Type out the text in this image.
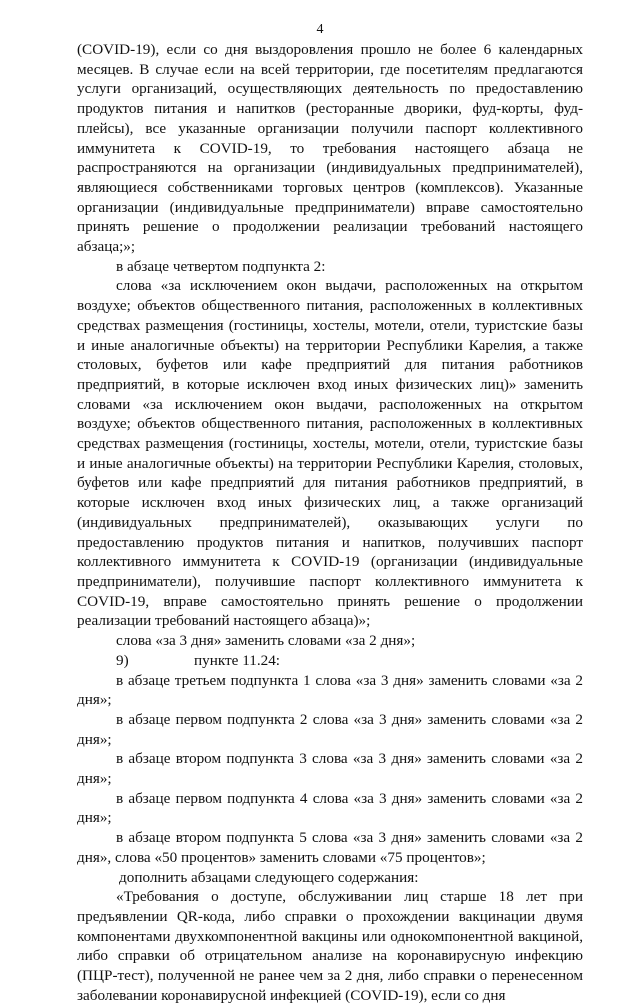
4

(COVID-19), если со дня выздоровления прошло не более 6 календарных месяцев. В случае если на всей территории, где посетителям предлагаются услуги организаций, осуществляющих деятельность по предоставлению продуктов питания и напитков (ресторанные дворики, фуд-корты, фуд-плейсы), все указанные организации получили паспорт коллективного иммунитета к COVID-19, то требования настоящего абзаца не распространяются на организации (индивидуальных предпринимателей), являющиеся собственниками торговых центров (комплексов). Указанные организации (индивидуальные предприниматели) вправе самостоятельно принять решение о продолжении реализации требований настоящего абзаца;»;

в абзаце четвертом подпункта 2:

слова «за исключением окон выдачи, расположенных на открытом воздухе; объектов общественного питания, расположенных в коллективных средствах размещения (гостиницы, хостелы, мотели, отели, туристские базы и иные аналогичные объекты) на территории Республики Карелия, а также столовых, буфетов или кафе предприятий для питания работников предприятий, в которые исключен вход иных физических лиц)» заменить словами «за исключением окон выдачи, расположенных на открытом воздухе; объектов общественного питания, расположенных в коллективных средствах размещения (гостиницы, хостелы, мотели, отели, туристские базы и иные аналогичные объекты) на территории Республики Карелия, столовых, буфетов или кафе предприятий для питания работников предприятий, в которые исключен вход иных физических лиц, а также организаций (индивидуальных предпринимателей), оказывающих услуги по предоставлению продуктов питания и напитков, получивших паспорт коллективного иммунитета к COVID-19 (организации (индивидуальные предприниматели), получившие паспорт коллективного иммунитета к COVID-19, вправе самостоятельно принять решение о продолжении реализации требований настоящего абзаца)»;

слова «за 3 дня» заменить словами «за 2 дня»;

9)	пункте 11.24:

в абзаце третьем подпункта 1 слова «за 3 дня» заменить словами «за 2 дня»;

в абзаце первом подпункта 2 слова «за 3 дня» заменить словами «за 2 дня»;

в абзаце втором подпункта 3 слова «за 3 дня» заменить словами «за 2 дня»;

в абзаце первом подпункта 4 слова «за 3 дня» заменить словами «за 2 дня»;

в абзаце втором подпункта 5 слова «за 3 дня» заменить словами «за 2 дня», слова «50 процентов» заменить словами «75 процентов»;

дополнить абзацами следующего содержания:

«Требования о доступе, обслуживании лиц старше 18 лет при предъявлении QR-кода, либо справки о прохождении вакцинации двумя компонентами двухкомпонентной вакцины или однокомпонентной вакциной, либо справки об отрицательном анализе на коронавирусную инфекцию (ПЦР-тест), полученной не ранее чем за 2 дня, либо справки о перенесенном заболевании коронавирусной инфекцией (COVID-19), если со дня
